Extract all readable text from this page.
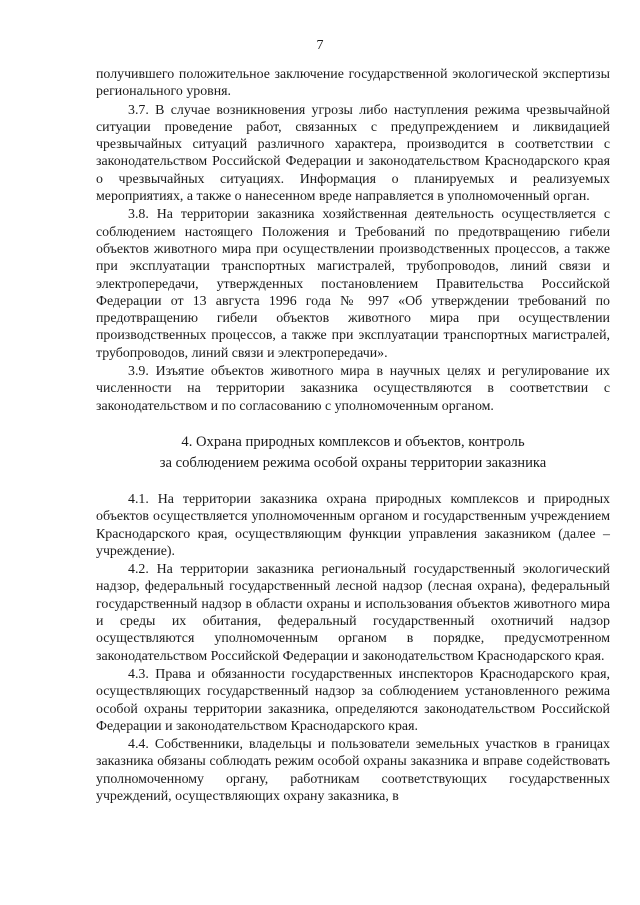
7

получившего положительное заключение государственной экологической экспертизы регионального уровня.

3.7. В случае возникновения угрозы либо наступления режима чрезвычайной ситуации проведение работ, связанных с предупреждением и ликвидацией чрезвычайных ситуаций различного характера, производится в соответствии с законодательством Российской Федерации и законодательством Краснодарского края о чрезвычайных ситуациях. Информация о планируемых и реализуемых мероприятиях, а также о нанесенном вреде направляется в уполномоченный орган.

3.8. На территории заказника хозяйственная деятельность осуществляется с соблюдением настоящего Положения и Требований по предотвращению гибели объектов животного мира при осуществлении производственных процессов, а также при эксплуатации транспортных магистралей, трубопроводов, линий связи и электропередачи, утвержденных постановлением Правительства Российской Федерации от 13 августа 1996 года № 997 «Об утверждении требований по предотвращению гибели объектов животного мира при осуществлении производственных процессов, а также при эксплуатации транспортных магистралей, трубопроводов, линий связи и электропередачи».

3.9. Изъятие объектов животного мира в научных целях и регулирование их численности на территории заказника осуществляются в соответствии с законодательством и по согласованию с уполномоченным органом.

4. Охрана природных комплексов и объектов, контроль
за соблюдением режима особой охраны территории заказника

4.1. На территории заказника охрана природных комплексов и природных объектов осуществляется уполномоченным органом и государственным учреждением Краснодарского края, осуществляющим функции управления заказником (далее – учреждение).

4.2. На территории заказника региональный государственный экологический надзор, федеральный государственный лесной надзор (лесная охрана), федеральный государственный надзор в области охраны и использования объектов животного мира и среды их обитания, федеральный государственный охотничий надзор осуществляются уполномоченным органом в порядке, предусмотренном законодательством Российской Федерации и законодательством Краснодарского края.

4.3. Права и обязанности государственных инспекторов Краснодарского края, осуществляющих государственный надзор за соблюдением установленного режима особой охраны территории заказника, определяются законодательством Российской Федерации и законодательством Краснодарского края.

4.4. Собственники, владельцы и пользователи земельных участков в границах заказника обязаны соблюдать режим особой охраны заказника и вправе содействовать уполномоченному органу, работникам соответствующих государственных учреждений, осуществляющих охрану заказника, в
